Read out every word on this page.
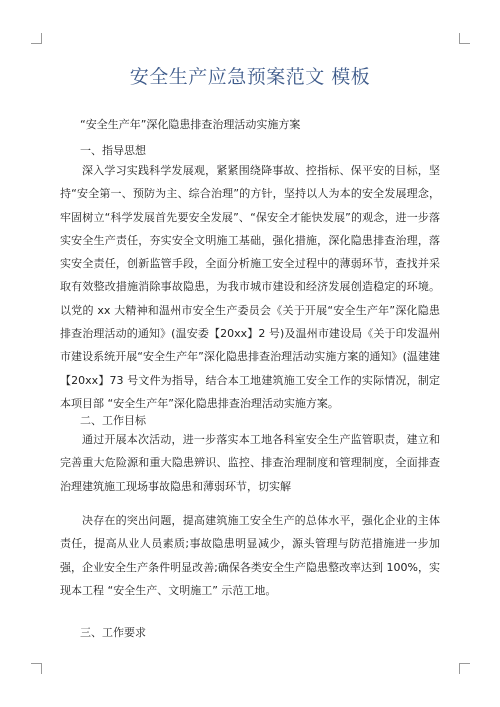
安全生产应急预案范文 模板
“安全生产年”深化隐患排查治理活动实施方案
一、指导思想

深入学习实践科学发展观，紧紧围绕降事故、控指标、保平安的目标，坚持“安全第一、预防为主、综合治理”的方针，坚持以人为本的安全发展理念，牢固树立“科学发展首先要安全发展”、“保安全才能快发展”的观念，进一步落实安全生产责任，夯实安全文明施工基础，强化措施，深化隐患排查治理，落实安全责任，创新监管手段，全面分析施工安全过程中的薄弱环节，查找并采取有效整改措施消除事故隐患，为我市城市建设和经济发展创造稳定的环境。以党的 xx 大精神和温州市安全生产委员会《关于开展“安全生产年”深化隐患排查治理活动的通知》(温安委【20xx】2 号)及温州市建设局《关于印发温州市建设系统开展“安全生产年”深化隐患排查治理活动实施方案的通知》(温建建【20xx】73 号文件为指导，结合本工地建筑施工安全工作的实际情况，制定本项目部 “安全生产年”深化隐患排查治理活动实施方案。

二、工作目标

通过开展本次活动，进一步落实本工地各科室安全生产监管职责，建立和完善重大危险源和重大隐患辨识、监控、排查治理制度和管理制度，全面排查治理建筑施工现场事故隐患和薄弱环节，切实解

决存在的突出问题，提高建筑施工安全生产的总体水平，强化企业的主体责任，提高从业人员素质;事故隐患明显减少，源头管理与防范措施进一步加强，企业安全生产条件明显改善;确保各类安全生产隐患整改率达到 100%，实现本工程 “安全生产、文明施工” 示范工地。

三、工作要求
